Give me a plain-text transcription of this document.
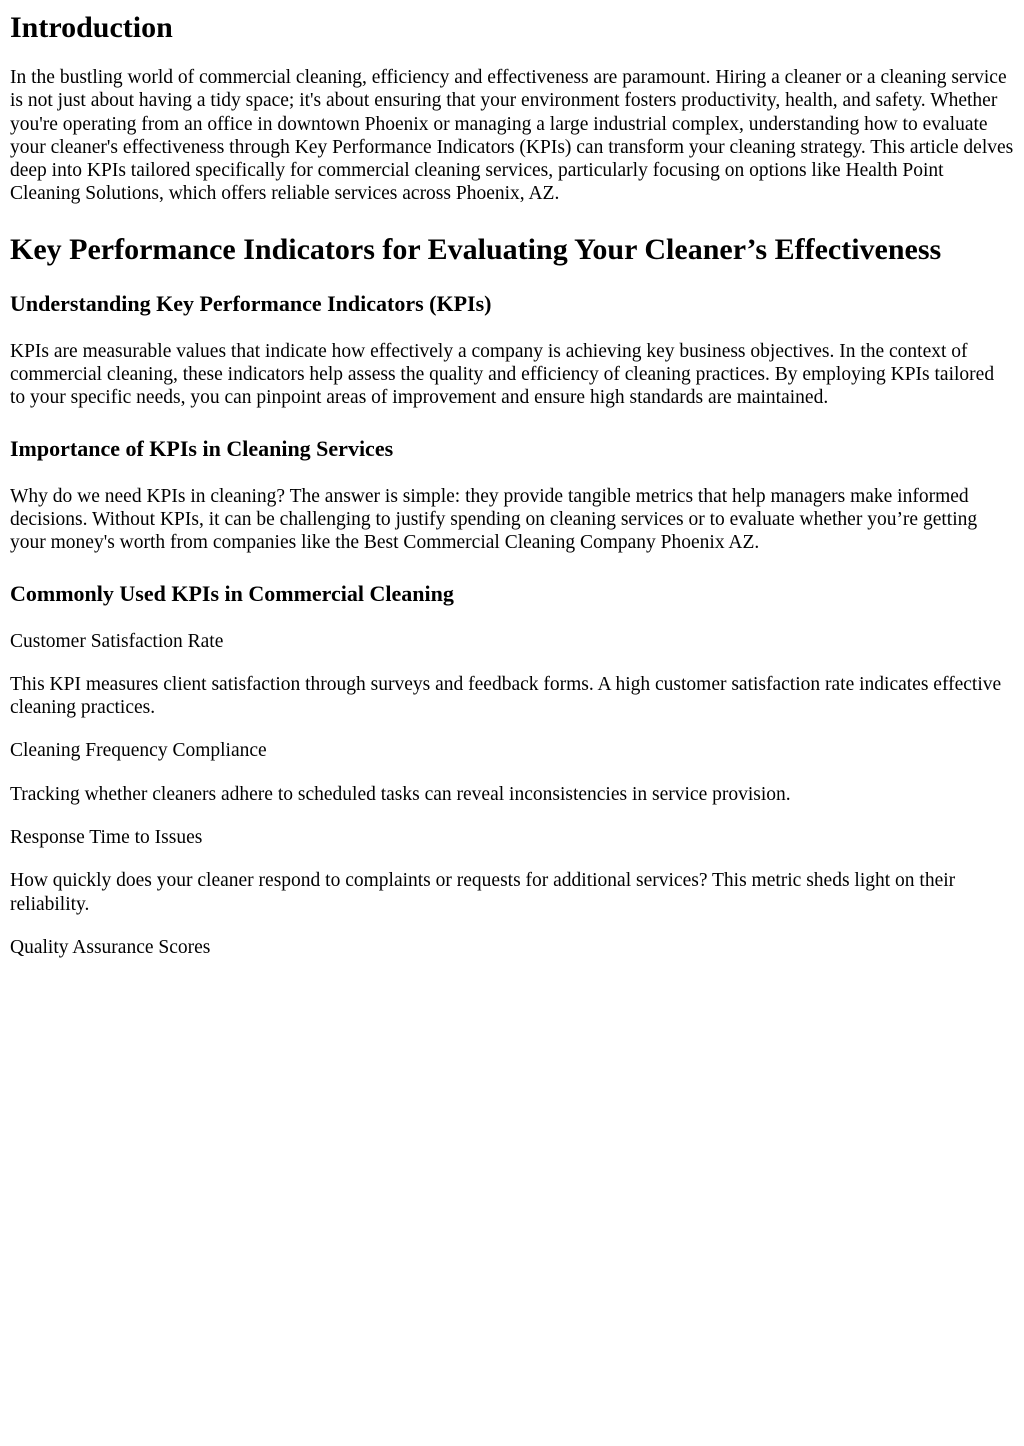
Introduction

In the bustling world of commercial cleaning, efficiency and effectiveness are paramount. Hiring a cleaner or a cleaning service is not just about having a tidy space; it's about ensuring that your environment fosters productivity, health, and safety. Whether you're operating from an office in downtown Phoenix or managing a large industrial complex, understanding how to evaluate your cleaner's effectiveness through Key Performance Indicators (KPIs) can transform your cleaning strategy. This article delves deep into KPIs tailored specifically for commercial cleaning services, particularly focusing on options like Health Point Cleaning Solutions, which offers reliable services across Phoenix, AZ.

Key Performance Indicators for Evaluating Your Cleaner’s Effectiveness
Understanding Key Performance Indicators (KPIs)

KPIs are measurable values that indicate how effectively a company is achieving key business objectives. In the context of commercial cleaning, these indicators help assess the quality and efficiency of cleaning practices. By employing KPIs tailored to your specific needs, you can pinpoint areas of improvement and ensure high standards are maintained.

Importance of KPIs in Cleaning Services

Why do we need KPIs in cleaning? The answer is simple: they provide tangible metrics that help managers make informed decisions. Without KPIs, it can be challenging to justify spending on cleaning services or to evaluate whether you’re getting your money's worth from companies like the Best Commercial Cleaning Company Phoenix AZ.

Commonly Used KPIs in Commercial Cleaning

Customer Satisfaction Rate

This KPI measures client satisfaction through surveys and feedback forms. A high customer satisfaction rate indicates effective cleaning practices.

Cleaning Frequency Compliance

Tracking whether cleaners adhere to scheduled tasks can reveal inconsistencies in service provision.

Response Time to Issues

How quickly does your cleaner respond to complaints or requests for additional services? This metric sheds light on their reliability.

Quality Assurance Scores
